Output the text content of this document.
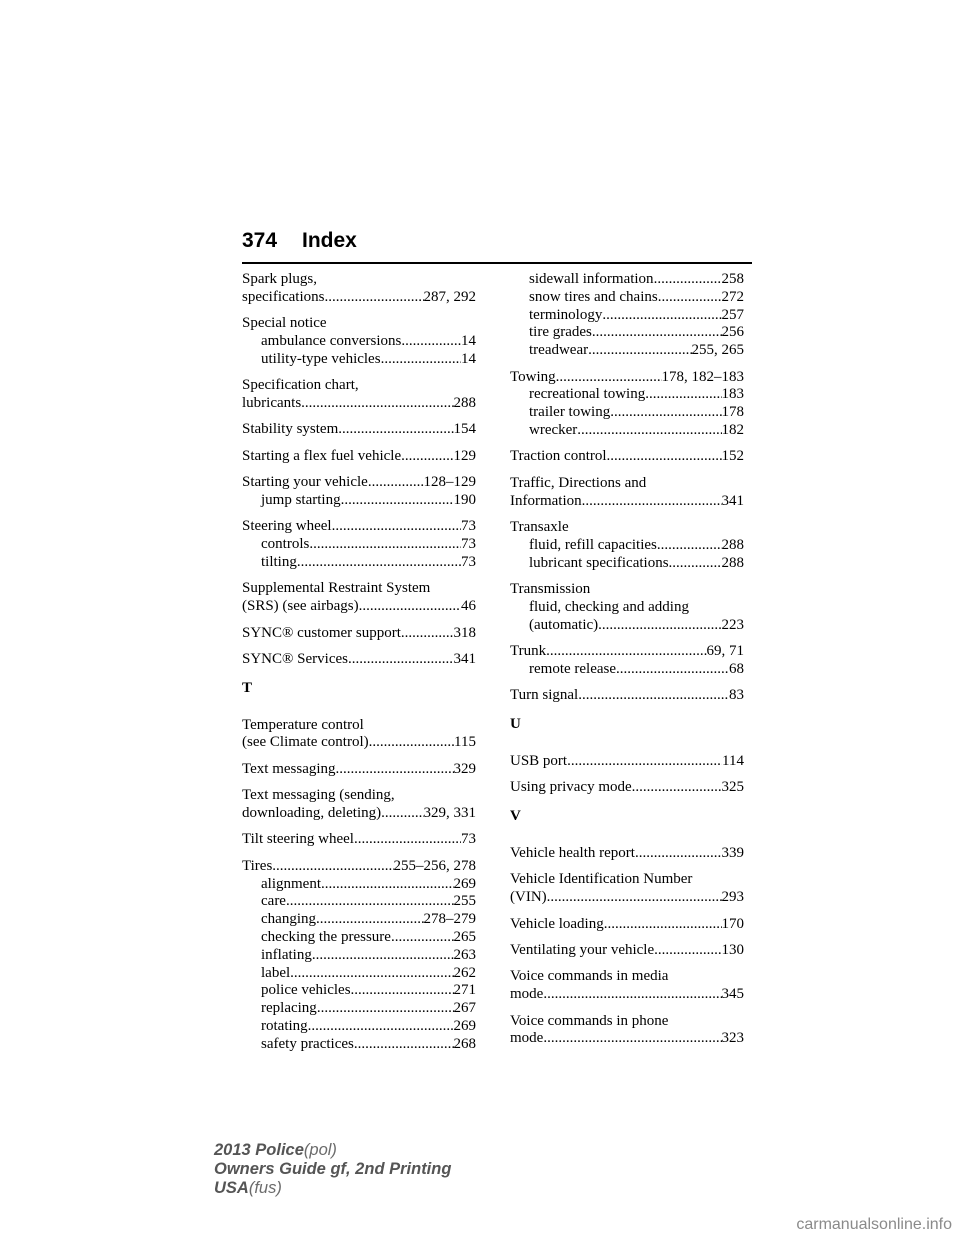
374 Index
Spark plugs,
specifications .....	287, 292
Special notice
ambulance conversions .....	14
utility-type vehicles .....	14
Specification chart,
lubricants .....	288
Stability system .....	154
Starting a flex fuel vehicle .....	129
Starting your vehicle .....	128–129
jump starting .....	190
Steering wheel .....	73
controls .....	73
tilting .....	73
Supplemental Restraint System
(SRS) (see airbags) .....	46
SYNC® customer support .....	318
SYNC® Services .....	341
T
Temperature control
(see Climate control) .....	115
Text messaging .....	329
Text messaging (sending,
downloading, deleting) .....	329, 331
Tilt steering wheel .....	73
Tires .....	255–256, 278
alignment .....	269
care .....	255
changing .....	278–279
checking the pressure .....	265
inflating .....	263
label .....	262
police vehicles .....	271
replacing .....	267
rotating .....	269
safety practices .....	268
sidewall information .....	258
snow tires and chains .....	272
terminology .....	257
tire grades .....	256
treadwear .....	255, 265
Towing .....	178, 182–183
recreational towing .....	183
trailer towing .....	178
wrecker .....	182
Traction control .....	152
Traffic, Directions and
Information .....	341
Transaxle
fluid, refill capacities .....	288
lubricant specifications .....	288
Transmission
fluid, checking and adding
(automatic) .....	223
Trunk .....	69, 71
remote release .....	68
Turn signal .....	83
U
USB port .....	114
Using privacy mode .....	325
V
Vehicle health report .....	339
Vehicle Identification Number
(VIN) .....	293
Vehicle loading .....	170
Ventilating your vehicle .....	130
Voice commands in media
mode .....	345
Voice commands in phone
mode .....	323
2013 Police(pol)
Owners Guide gf, 2nd Printing
USA(fus)
carmanualsonline.info
